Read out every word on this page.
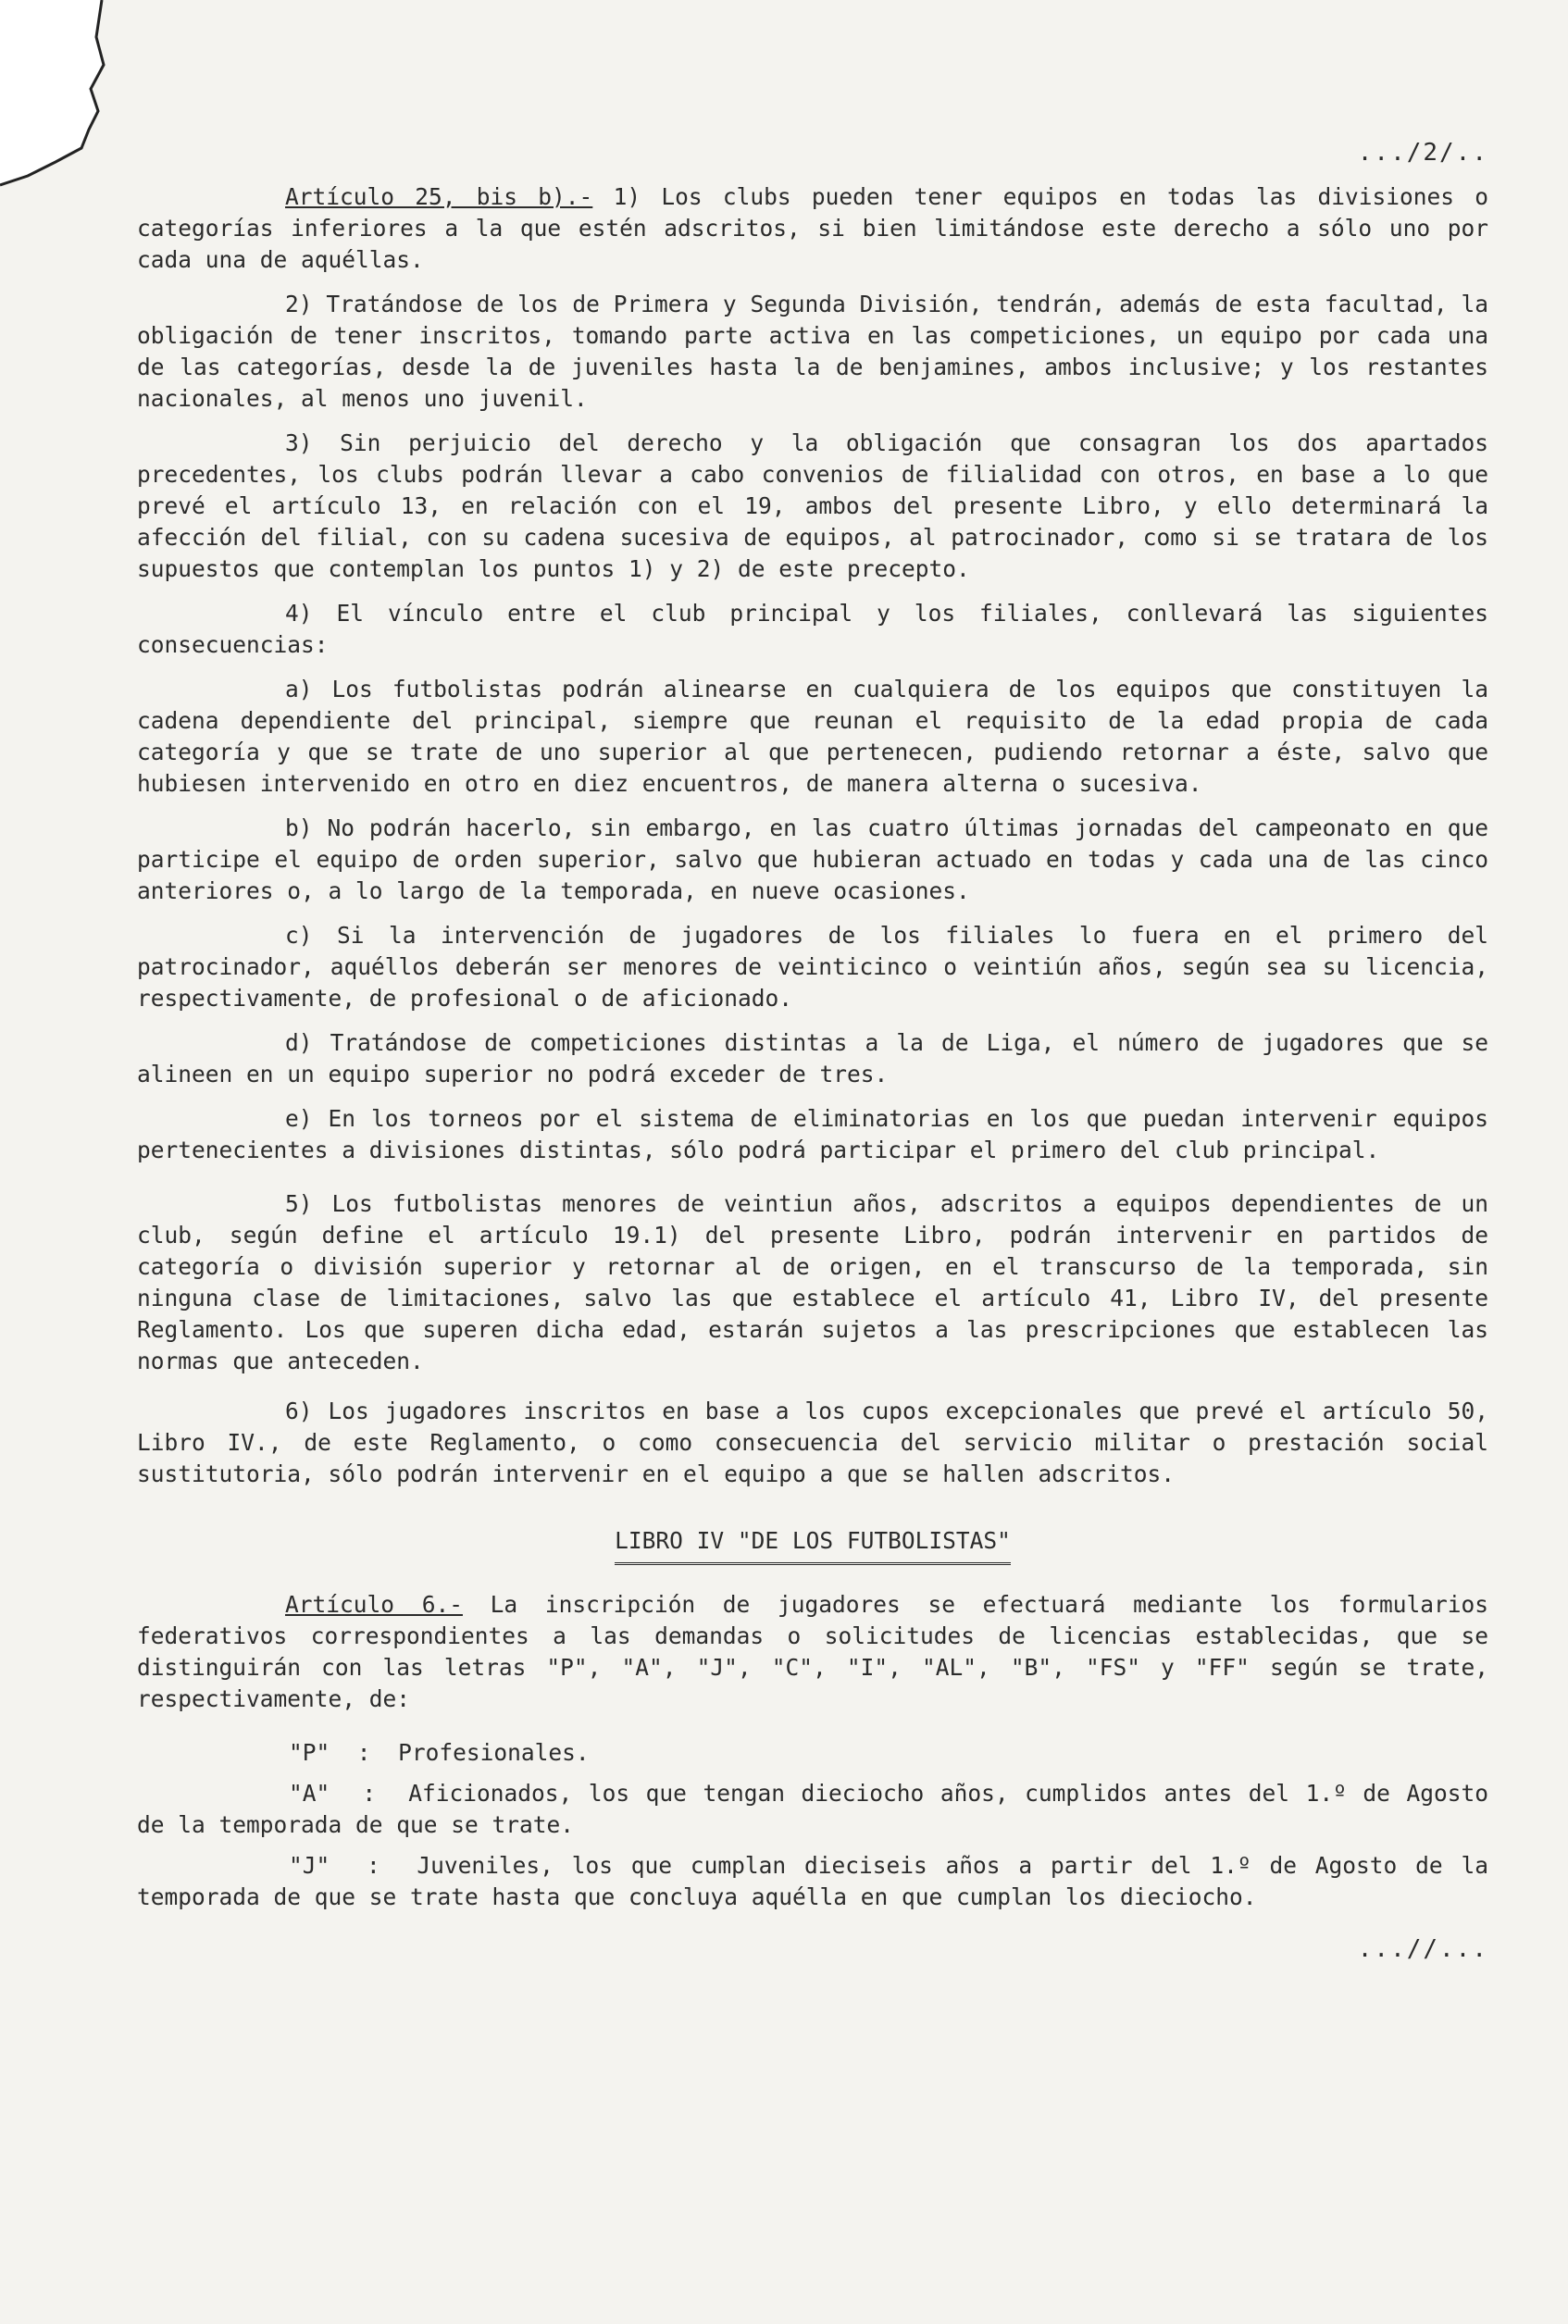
.../2/..

Artículo 25, bis b).- 1) Los clubs pueden tener equipos en todas las divisiones o categorías inferiores a la que estén adscritos, si bien limitándose este derecho a sólo uno por cada una de aquéllas.

2) Tratándose de los de Primera y Segunda División, tendrán, además de esta facultad, la obligación de tener inscritos, tomando parte activa en las competiciones, un equipo por cada una de las categorías, desde la de juveniles hasta la de benjamines, ambos inclusive; y los restantes nacionales, al menos uno juvenil.

3) Sin perjuicio del derecho y la obligación que consagran los dos apartados precedentes, los clubs podrán llevar a cabo convenios de filialidad con otros, en base a lo que prevé el artículo 13, en relación con el 19, ambos del presente Libro, y ello determinará la afección del filial, con su cadena sucesiva de equipos, al patrocinador, como si se tratara de los supuestos que contemplan los puntos 1) y 2) de este precepto.

4) El vínculo entre el club principal y los filiales, conllevará las siguientes consecuencias:

a) Los futbolistas podrán alinearse en cualquiera de los equipos que constituyen la cadena dependiente del principal, siempre que reunan el requisito de la edad propia de cada categoría y que se trate de uno superior al que pertenecen, pudiendo retornar a éste, salvo que hubiesen intervenido en otro en diez encuentros, de manera alterna o sucesiva.

b) No podrán hacerlo, sin embargo, en las cuatro últimas jornadas del campeonato en que participe el equipo de orden superior, salvo que hubieran actuado en todas y cada una de las cinco anteriores o, a lo largo de la temporada, en nueve ocasiones.

c) Si la intervención de jugadores de los filiales lo fuera en el primero del patrocinador, aquéllos deberán ser menores de veinticinco o veintiún años, según sea su licencia, respectivamente, de profesional o de aficionado.

d) Tratándose de competiciones distintas a la de Liga, el número de jugadores que se alineen en un equipo superior no podrá exceder de tres.

e) En los torneos por el sistema de eliminatorias en los que puedan intervenir equipos pertenecientes a divisiones distintas, sólo podrá participar el primero del club principal.

5) Los futbolistas menores de veintiun años, adscritos a equipos dependientes de un club, según define el artículo 19.1) del presente Libro, podrán intervenir en partidos de categoría o división superior y retornar al de origen, en el transcurso de la temporada, sin ninguna clase de limitaciones, salvo las que establece el artículo 41, Libro IV, del presente Reglamento. Los que superen dicha edad, estarán sujetos a las prescripciones que establecen las normas que anteceden.

6) Los jugadores inscritos en base a los cupos excepcionales que prevé el artículo 50, Libro IV., de este Reglamento, o como consecuencia del servicio militar o prestación social sustitutoria, sólo podrán intervenir en el equipo a que se hallen adscritos.

LIBRO IV "DE LOS FUTBOLISTAS"

Artículo 6.- La inscripción de jugadores se efectuará mediante los formularios federativos correspondientes a las demandas o solicitudes de licencias establecidas, que se distinguirán con las letras "P", "A", "J", "C", "I", "AL", "B", "FS" y "FF" según se trate, respectivamente, de:

"P"  :  Profesionales.

"A"  :  Aficionados, los que tengan dieciocho años, cumplidos antes del 1.º de Agosto de la temporada de que se trate.

"J"  :  Juveniles, los que cumplan dieciseis años a partir del 1.º de Agosto de la temporada de que se trate hasta que concluya aquélla en que cumplan los dieciocho.

...//...
